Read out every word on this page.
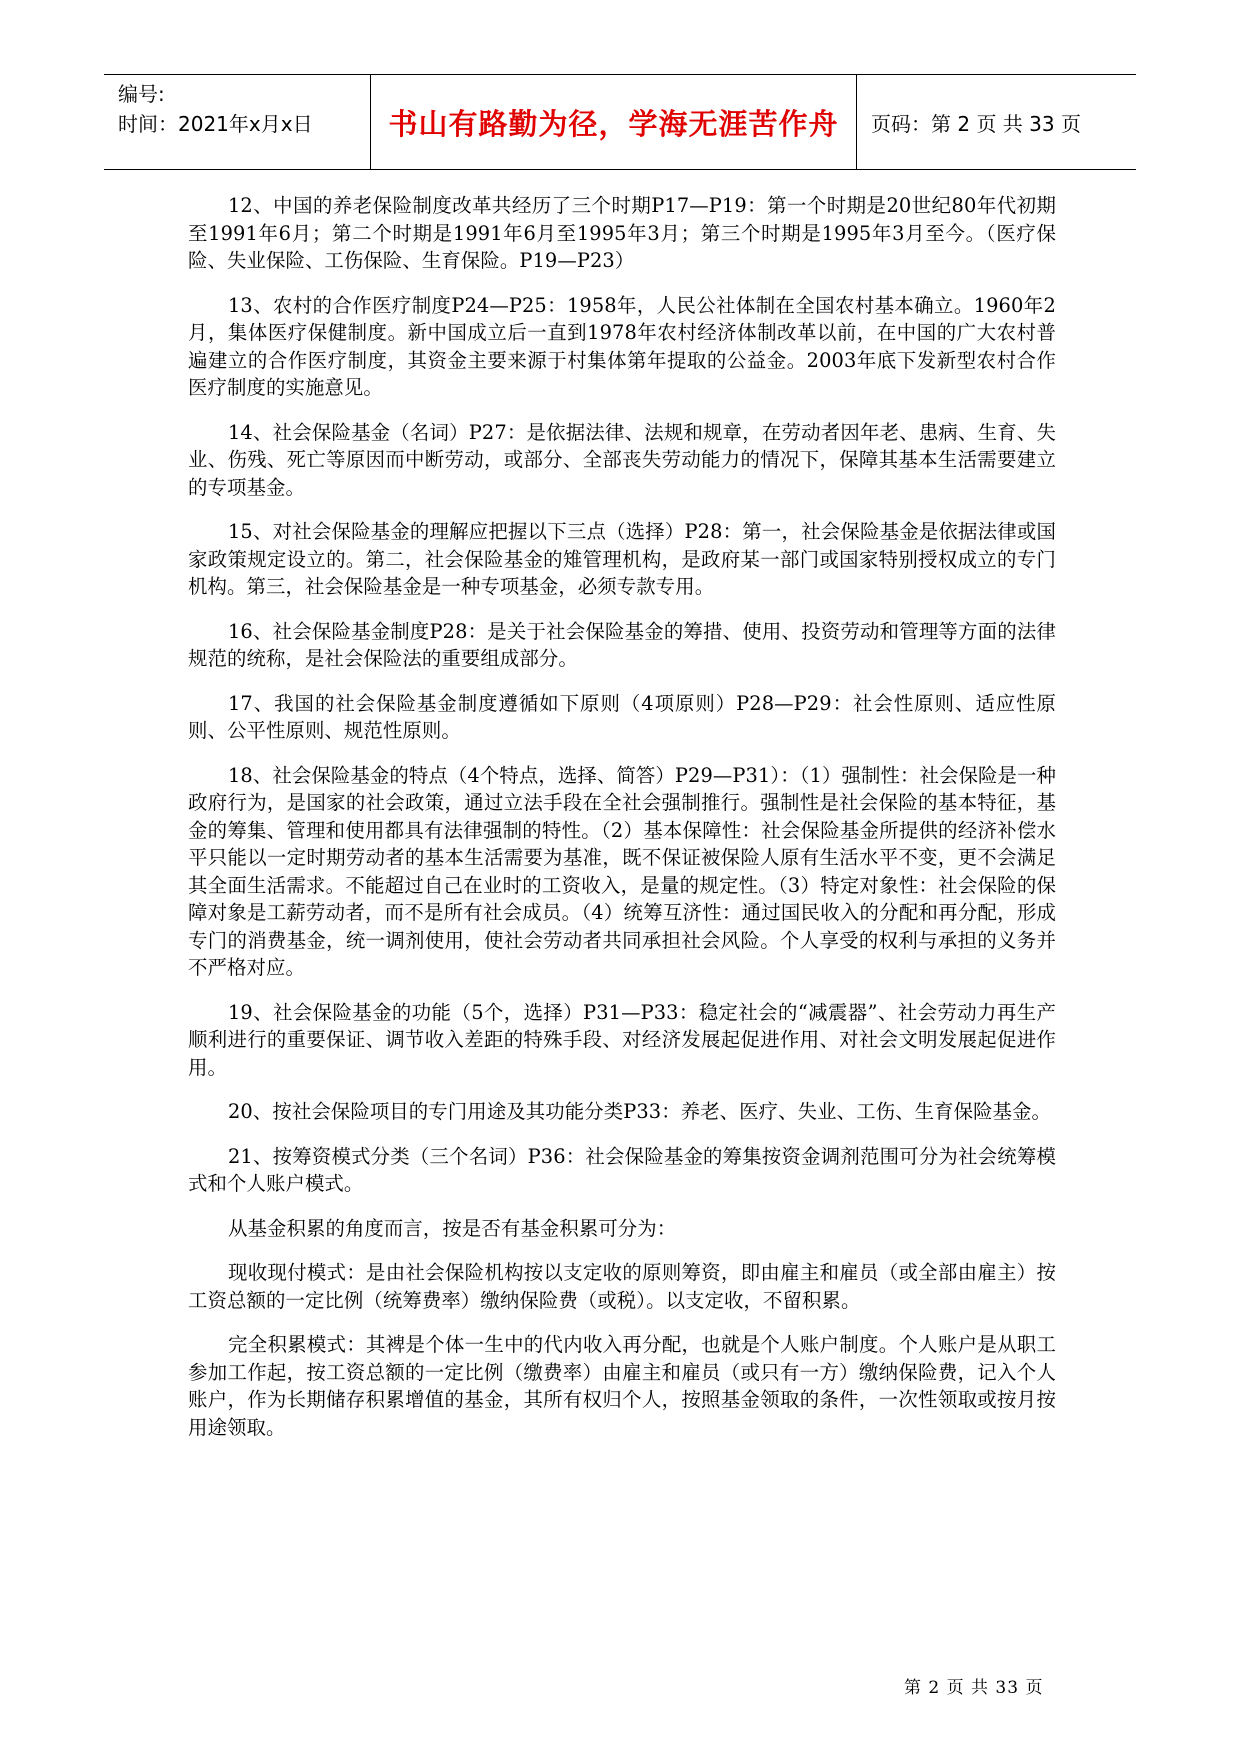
编号:
时间：2021年x月x日	书山有路勤为径，学海无涯苦作舟	页码：第 2 页 共 33 页

12、中国的养老保险制度改革共经历了三个时期P17—P19：第一个时期是20世纪80年代初期至1991年6月；第二个时期是1991年6月至1995年3月；第三个时期是1995年3月至今。（医疗保险、失业保险、工伤保险、生育保险。P19—P23）

13、农村的合作医疗制度P24—P25：1958年，人民公社体制在全国农村基本确立。1960年2月，集体医疗保健制度。新中国成立后一直到1978年农村经济体制改革以前，在中国的广大农村普遍建立的合作医疗制度，其资金主要来源于村集体第年提取的公益金。2003年底下发新型农村合作医疗制度的实施意见。

14、社会保险基金（名词）P27：是依据法律、法规和规章，在劳动者因年老、患病、生育、失业、伤残、死亡等原因而中断劳动，或部分、全部丧失劳动能力的情况下，保障其基本生活需要建立的专项基金。

15、对社会保险基金的理解应把握以下三点（选择）P28：第一，社会保险基金是依据法律或国家政策规定设立的。第二，社会保险基金的雉管理机构，是政府某一部门或国家特别授权成立的专门机构。第三，社会保险基金是一种专项基金，必须专款专用。

16、社会保险基金制度P28：是关于社会保险基金的筹措、使用、投资劳动和管理等方面的法律规范的统称，是社会保险法的重要组成部分。

17、我国的社会保险基金制度遵循如下原则（4项原则）P28—P29：社会性原则、适应性原则、公平性原则、规范性原则。

18、社会保险基金的特点（4个特点，选择、简答）P29—P31）：（1）强制性：社会保险是一种政府行为，是国家的社会政策，通过立法手段在全社会强制推行。强制性是社会保险的基本特征，基金的筹集、管理和使用都具有法律强制的特性。（2）基本保障性：社会保险基金所提供的经济补偿水平只能以一定时期劳动者的基本生活需要为基准，既不保证被保险人原有生活水平不变，更不会满足其全面生活需求。不能超过自己在业时的工资收入，是量的规定性。（3）特定对象性：社会保险的保障对象是工薪劳动者，而不是所有社会成员。（4）统筹互济性：通过国民收入的分配和再分配，形成专门的消费基金，统一调剂使用，使社会劳动者共同承担社会风险。个人享受的权利与承担的义务并不严格对应。

19、社会保险基金的功能（5个，选择）P31—P33：稳定社会的“减震器”、社会劳动力再生产顺利进行的重要保证、调节收入差距的特殊手段、对经济发展起促进作用、对社会文明发展起促进作用。

20、按社会保险项目的专门用途及其功能分类P33：养老、医疗、失业、工伤、生育保险基金。

21、按筹资模式分类（三个名词）P36：社会保险基金的筹集按资金调剂范围可分为社会统筹模式和个人账户模式。

从基金积累的角度而言，按是否有基金积累可分为：

现收现付模式：是由社会保险机构按以支定收的原则筹资，即由雇主和雇员（或全部由雇主）按工资总额的一定比例（统筹费率）缴纳保险费（或税）。以支定收，不留积累。

完全积累模式：其裨是个体一生中的代内收入再分配，也就是个人账户制度。个人账户是从职工参加工作起，按工资总额的一定比例（缴费率）由雇主和雇员（或只有一方）缴纳保险费，记入个人账户，作为长期储存积累增值的基金，其所有权归个人，按照基金领取的条件，一次性领取或按月按用途领取。

第 2 页 共 33 页
